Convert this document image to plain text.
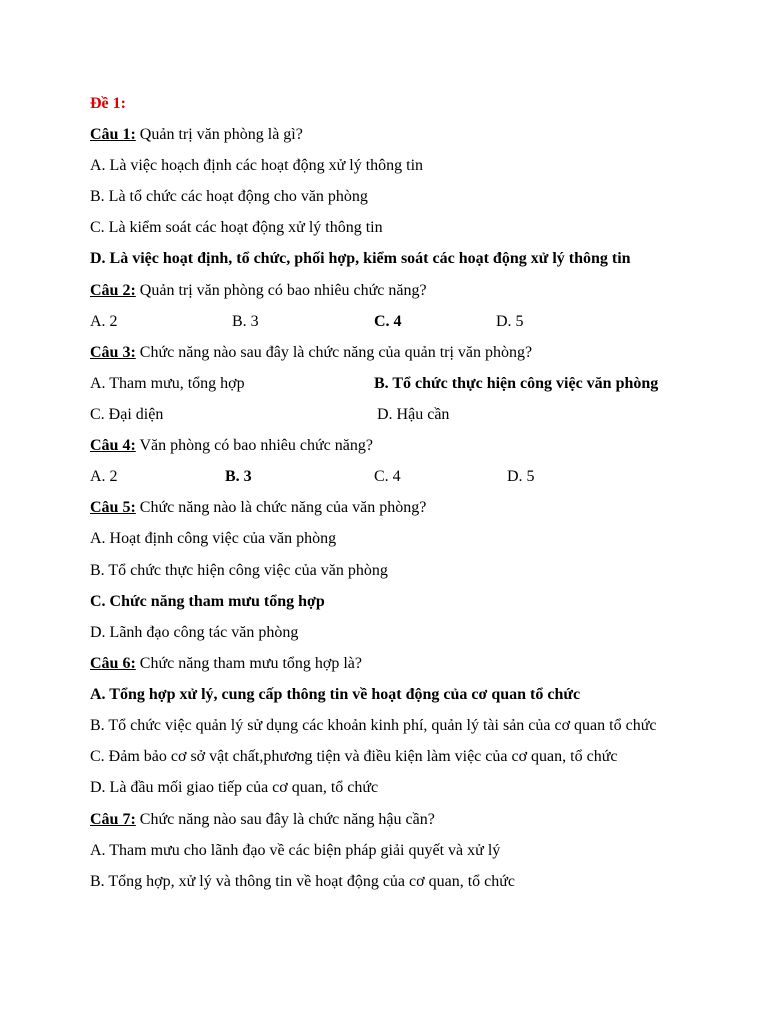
Đề 1:
Câu 1: Quản trị văn phòng là gì?
A. Là việc hoạch định các hoạt động xử lý thông tin
B. Là tổ chức các hoạt động cho văn phòng
C. Là kiểm soát các hoạt động xử lý thông tin
D. Là việc hoạt định, tổ chức, phối hợp, kiểm soát các hoạt động xử lý thông tin
Câu 2: Quản trị văn phòng có bao nhiêu chức năng?
A. 2	B. 3	C. 4	D. 5
Câu 3: Chức năng nào sau đây là chức năng của quản trị văn phòng?
A. Tham mưu, tổng hợp	B. Tổ chức thực hiện công việc văn phòng
C. Đại diện	D. Hậu cần
Câu 4: Văn phòng có bao nhiêu chức năng?
A. 2	B. 3	C. 4	D. 5
Câu 5: Chức năng nào là chức năng của văn phòng?
A. Hoạt định công việc của văn phòng
B. Tổ chức thực hiện công việc của văn phòng
C. Chức năng tham mưu tổng hợp
D. Lãnh đạo công tác văn phòng
Câu 6: Chức năng tham mưu tổng hợp là?
A. Tổng hợp xử lý, cung cấp thông tin về hoạt động của cơ quan tổ chức
B. Tổ chức việc quản lý sử dụng các khoản kinh phí, quản lý tài sản của cơ quan tổ chức
C. Đảm bảo cơ sở vật chất,phương tiện và điều kiện làm việc của cơ quan, tổ chức
D. Là đầu mối giao tiếp của cơ quan, tổ chức
Câu 7: Chức năng nào sau đây là chức năng hậu cần?
A. Tham mưu cho lãnh đạo về các biện pháp giải quyết và xử lý
B. Tổng hợp, xử lý và thông tin về hoạt động của cơ quan, tổ chức
